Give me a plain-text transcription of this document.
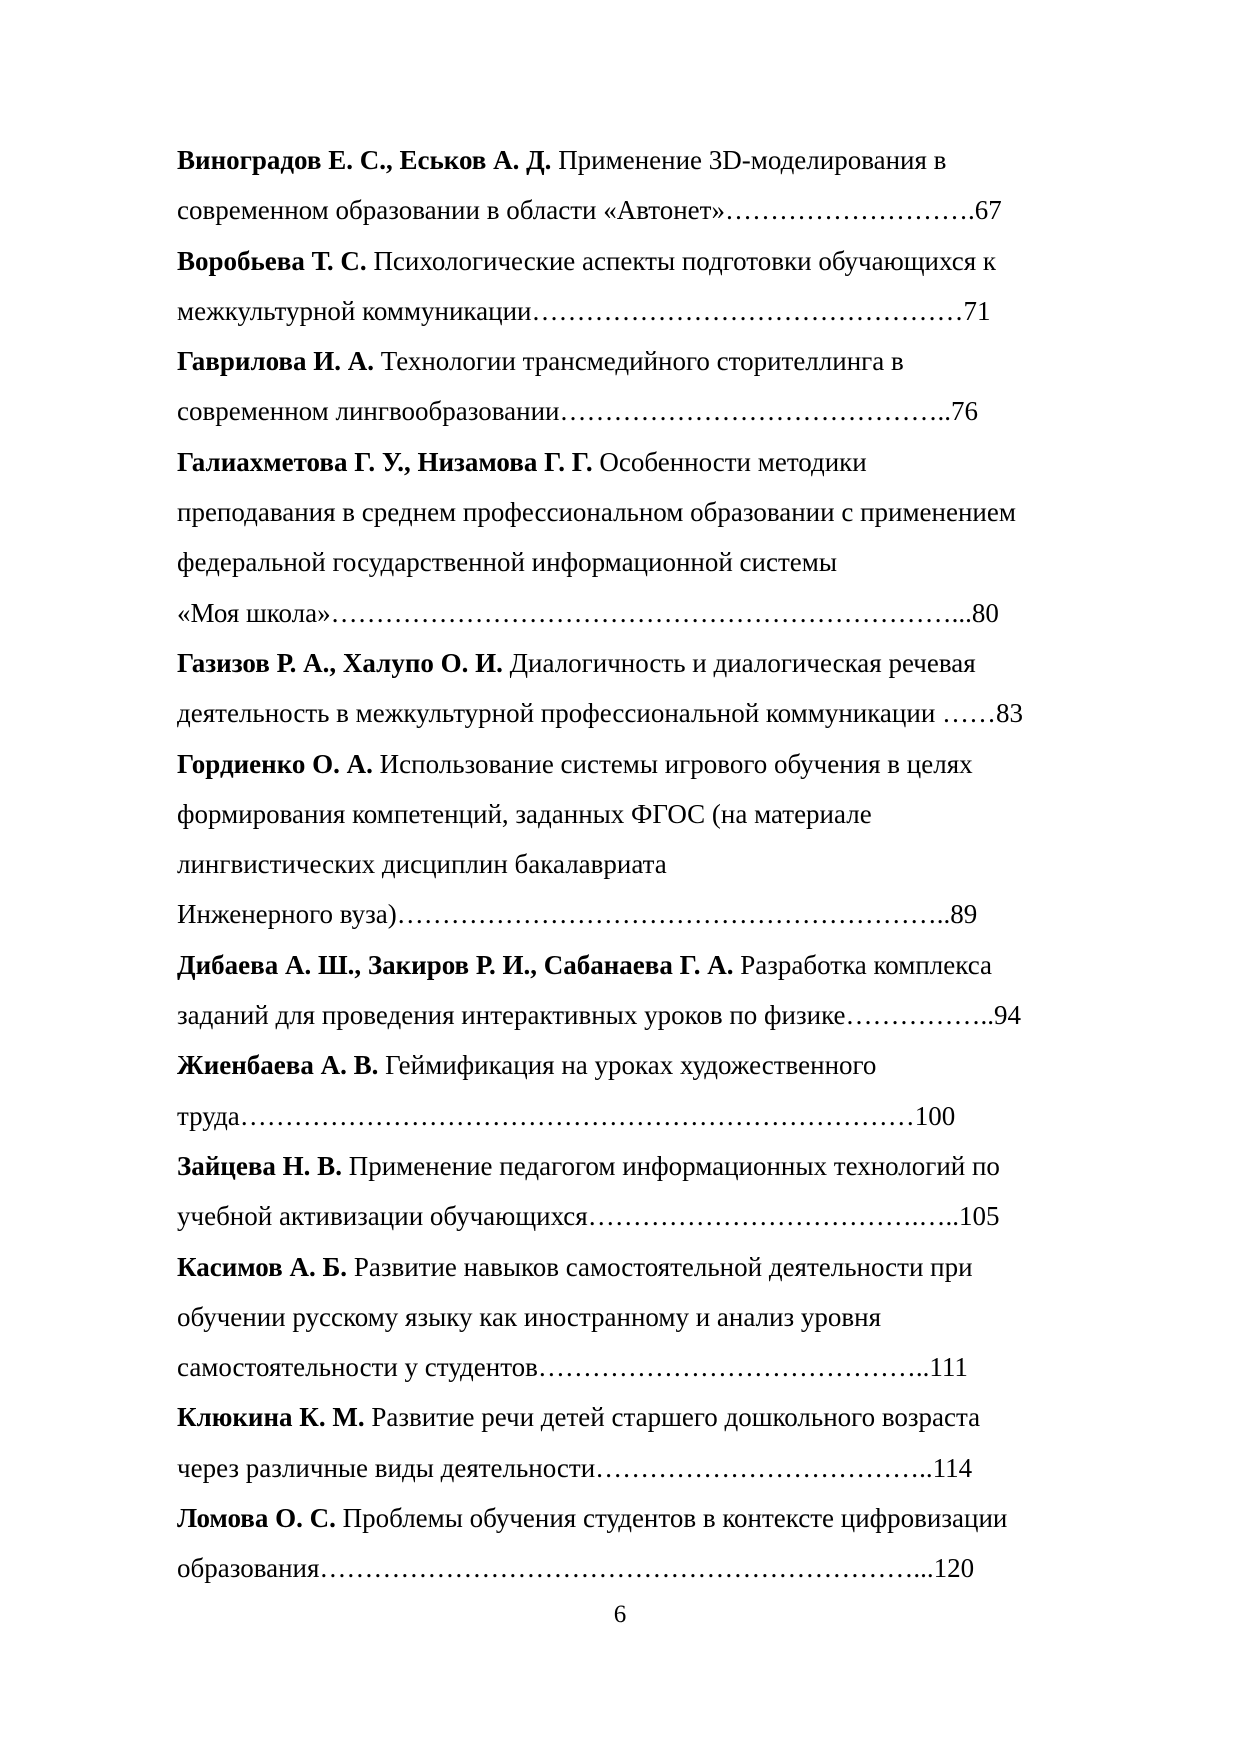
Виноградов Е. С., Еськов А. Д. Применение 3D-моделирования в
современном образовании в области «Автонет»……………………….67
Воробьева Т. С. Психологические аспекты подготовки обучающихся к
межкультурной коммуникации…………………………………………71
Гаврилова И. А. Технологии трансмедийного сторителлинга в
современном лингвообразовании……………………………………..76
Галиахметова Г. У., Низамова Г. Г. Особенности методики
преподавания в среднем профессиональном образовании с применением
федеральной государственной информационной системы
«Моя школа»……………………………………………………………...80
Газизов Р. А., Халупо О. И. Диалогичность и диалогическая речевая
деятельность в межкультурной профессиональной коммуникации ……83
Гордиенко О. А. Использование системы игрового обучения в целях
формирования компетенций, заданных ФГОС (на материале
лингвистических дисциплин бакалавриата
Инженерного вуза)……………………………………………………..89
Дибаева А. Ш., Закиров Р. И., Сабанаева Г. А. Разработка комплекса
заданий для проведения интерактивных уроков по физике……………..94
Жиенбаева А. В. Геймификация на уроках художественного
труда…………………………………………………………………100
Зайцева Н. В. Применение педагогом информационных технологий по
учебной активизации обучающихся……………………………….…..105
Касимов А. Б. Развитие навыков самостоятельной деятельности при
обучении русскому языку как иностранному и анализ уровня
самостоятельности у студентов……………………………………..111
Клюкина К. М. Развитие речи детей старшего дошкольного возраста
через различные виды деятельности………………………………..114
Ломова О. С. Проблемы обучения студентов в контексте цифровизации
образования…………………………………………………………...120
6
